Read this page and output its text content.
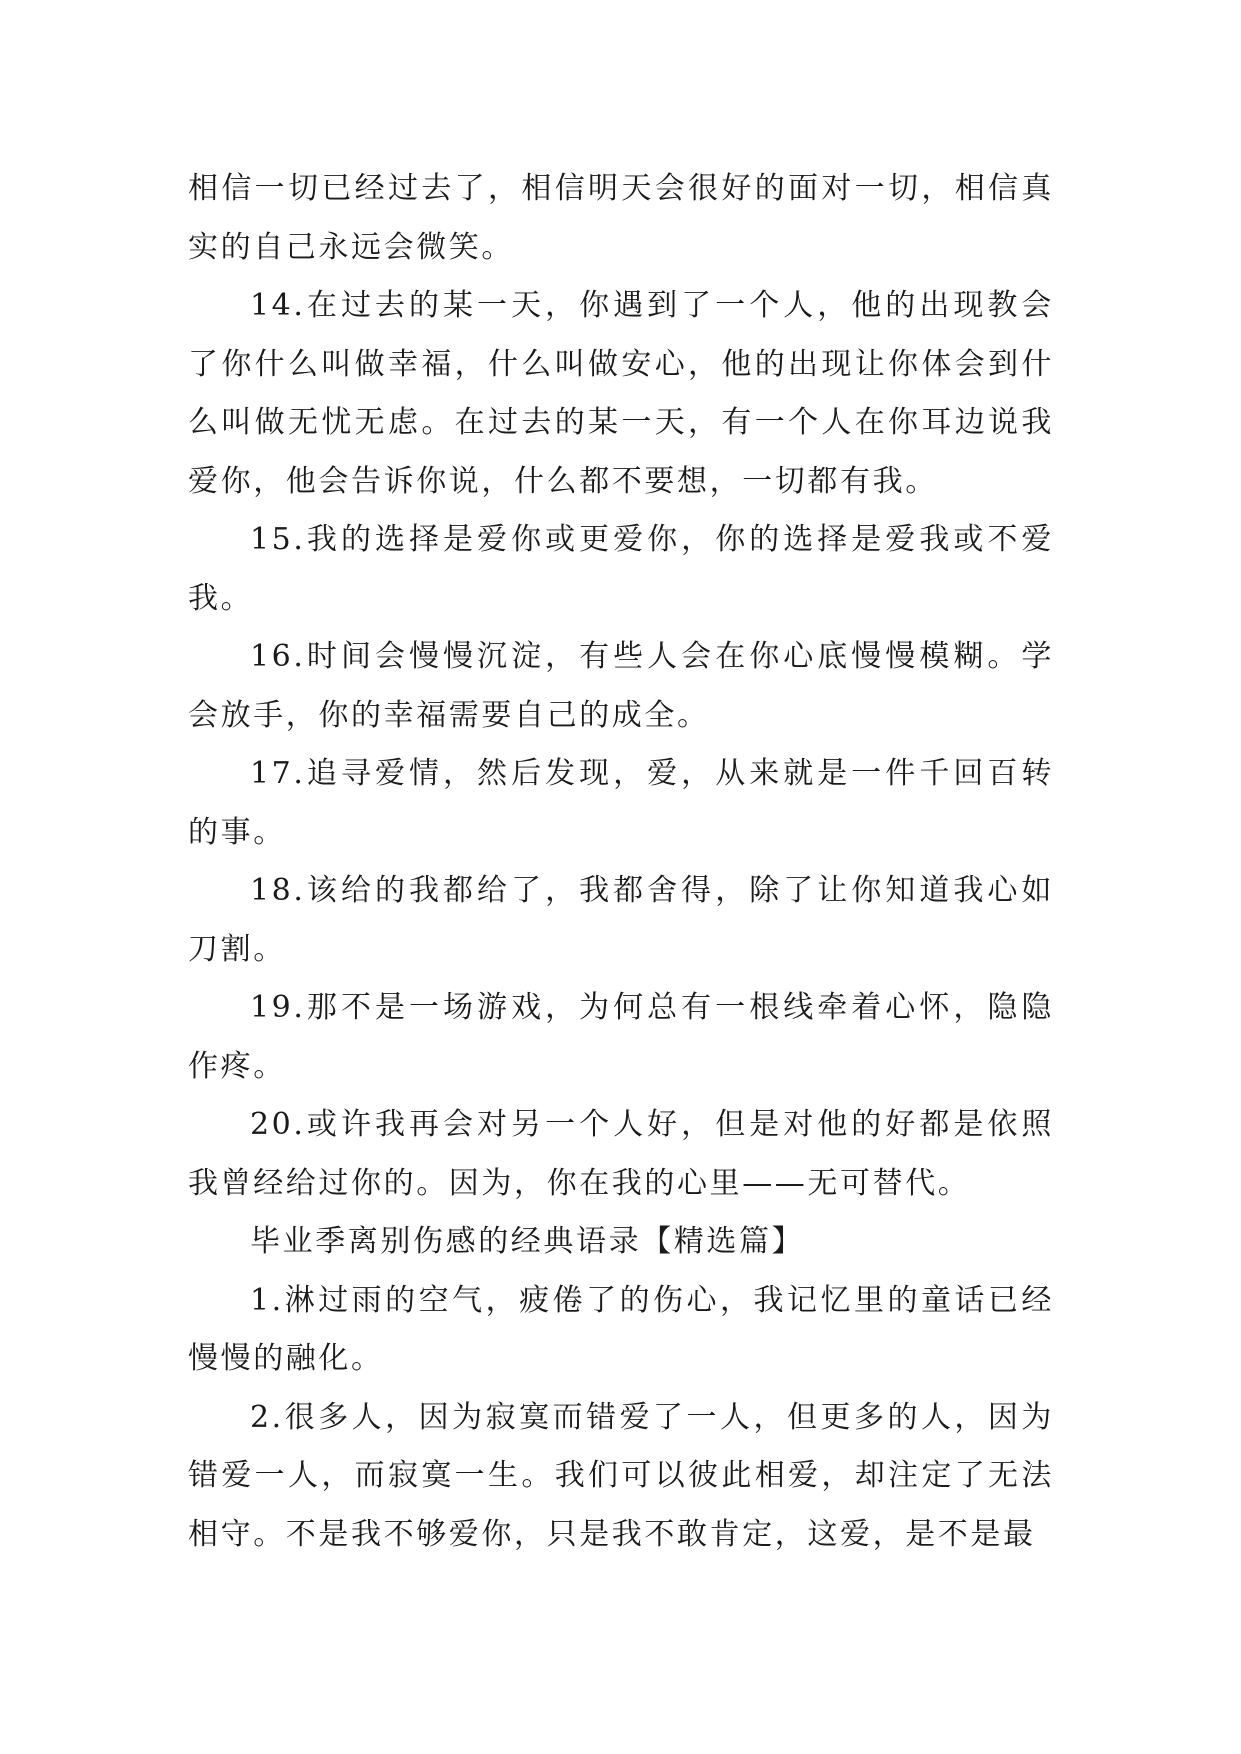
相信一切已经过去了，相信明天会很好的面对一切，相信真实的自己永远会微笑。

14.在过去的某一天，你遇到了一个人，他的出现教会了你什么叫做幸福，什么叫做安心，他的出现让你体会到什么叫做无忧无虑。在过去的某一天，有一个人在你耳边说我爱你，他会告诉你说，什么都不要想，一切都有我。

15.我的选择是爱你或更爱你，你的选择是爱我或不爱我。

16.时间会慢慢沉淀，有些人会在你心底慢慢模糊。学会放手，你的幸福需要自己的成全。

17.追寻爱情，然后发现，爱，从来就是一件千回百转的事。

18.该给的我都给了，我都舍得，除了让你知道我心如刀割。

19.那不是一场游戏，为何总有一根线牵着心怀，隐隐作疼。

20.或许我再会对另一个人好，但是对他的好都是依照我曾经给过你的。因为，你在我的心里——无可替代。

毕业季离别伤感的经典语录【精选篇】

1.淋过雨的空气，疲倦了的伤心，我记忆里的童话已经慢慢的融化。

2.很多人，因为寂寞而错爱了一人，但更多的人，因为错爱一人，而寂寞一生。我们可以彼此相爱，却注定了无法相守。不是我不够爱你，只是我不敢肯定，这爱，是不是最
